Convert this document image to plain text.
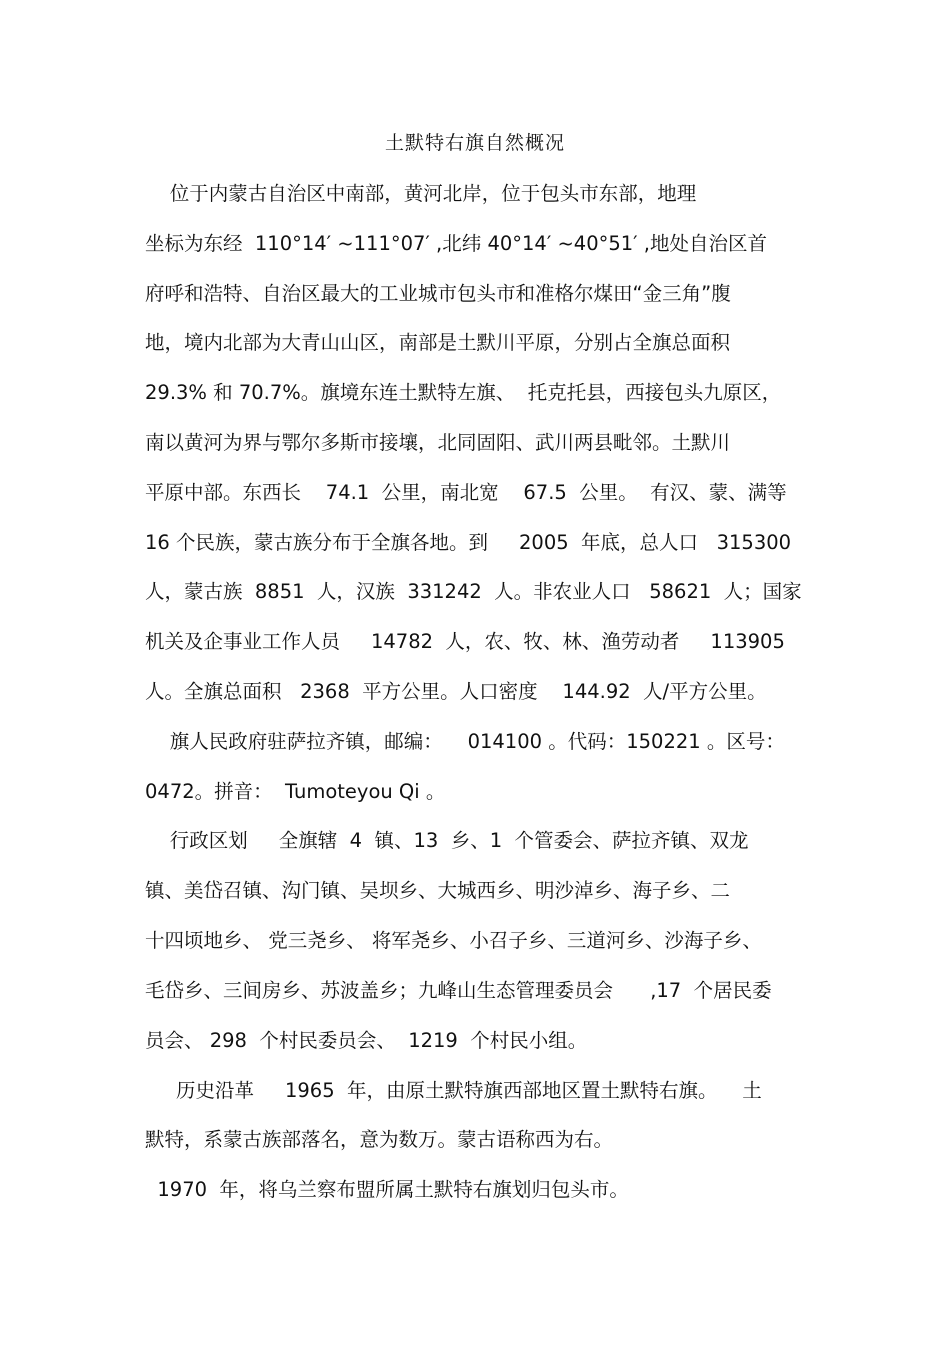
土默特右旗自然概况
位于内蒙古自治区中南部，黄河北岸，位于包头市东部，地理
坐标为东经  110°14′ ~111°07′ ,北纬 40°14′ ~40°51′ ,地处自治区首
府呼和浩特、自治区最大的工业城市包头市和准格尔煤田“金三角”腹
地，境内北部为大青山山区，南部是土默川平原，分别占全旗总面积
29.3% 和 70.7%。旗境东连土默特左旗、  托克托县，西接包头九原区，
南以黄河为界与鄂尔多斯市接壤，北同固阳、武川两县毗邻。土默川
平原中部。东西长    74.1  公里，南北宽    67.5  公里。  有汉、蒙、满等
16 个民族，蒙古族分布于全旗各地。到     2005  年底，总人口   315300
人，蒙古族  8851  人，汉族  331242  人。非农业人口   58621  人；国家
机关及企事业工作人员     14782  人，农、牧、林、渔劳动者     113905
人。全旗总面积   2368  平方公里。人口密度    144.92  人/平方公里。
旗人民政府驻萨拉齐镇，邮编：    014100 。代码：150221 。区号：
0472。拼音：  Tumoteyou Qi 。
行政区划     全旗辖  4  镇、13  乡、1  个管委会、萨拉齐镇、双龙
镇、美岱召镇、沟门镇、吴坝乡、大城西乡、明沙淖乡、海子乡、二
十四顷地乡、 党三尧乡、 将军尧乡、小召子乡、三道河乡、沙海子乡、
毛岱乡、三间房乡、苏波盖乡；九峰山生态管理委员会      ,17  个居民委
员会、 298  个村民委员会、  1219  个村民小组。
历史沿革     1965  年，由原土默特旗西部地区置土默特右旗。    土
默特，系蒙古族部落名，意为数万。蒙古语称西为右。
1970  年，将乌兰察布盟所属土默特右旗划归包头市。
